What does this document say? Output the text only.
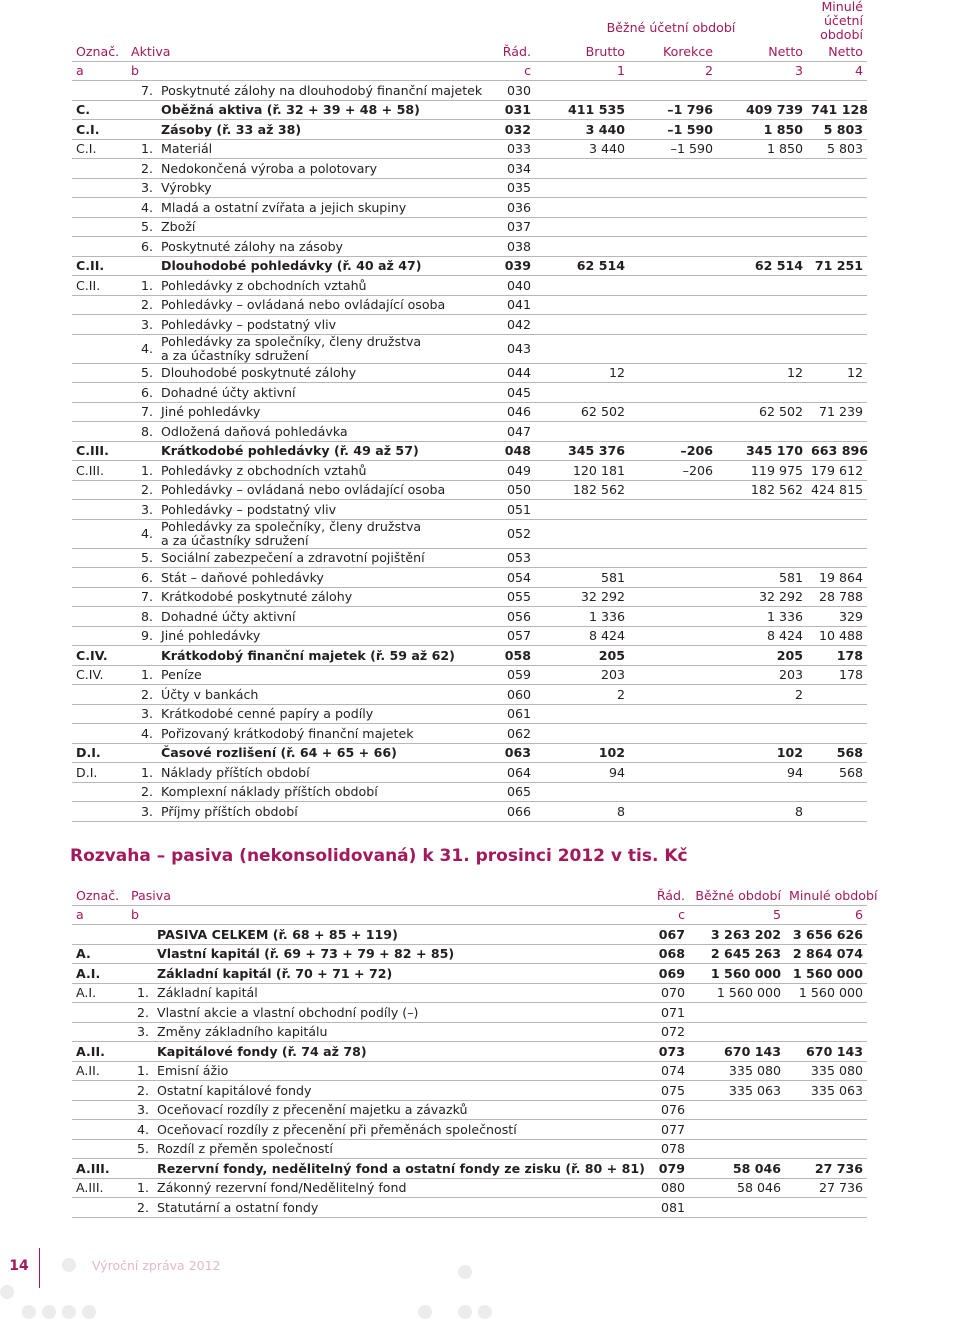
				Běžné účetní období			Minulé účetní období
Označ.	Aktiva		Řád.	Brutto	Korekce	Netto	Netto
a	b		c	1	2	3	4
	7.	Poskytnuté zálohy na dlouhodobý finanční majetek	030				
C.		Oběžná aktiva (ř. 32 + 39 + 48 + 58)	031	411 535	–1 796	409 739	741 128
C.I.		Zásoby (ř. 33 až 38)	032	3 440	–1 590	1 850	5 803
C.I.	1.	Materiál	033	3 440	–1 590	1 850	5 803
	2.	Nedokončená výroba a polotovary	034				
	3.	Výrobky	035				
	4.	Mladá a ostatní zvířata a jejich skupiny	036				
	5.	Zboží	037				
	6.	Poskytnuté zálohy na zásoby	038				
C.II.		Dlouhodobé pohledávky (ř. 40 až 47)	039	62 514		62 514	71 251
C.II.	1.	Pohledávky z obchodních vztahů	040				
	2.	Pohledávky – ovládaná nebo ovládající osoba	041				
	3.	Pohledávky – podstatný vliv	042				
	4.	Pohledávky za společníky, členy družstva
a za účastníky sdružení	043				
	5.	Dlouhodobé poskytnuté zálohy	044	12		12	12
	6.	Dohadné účty aktivní	045				
	7.	Jiné pohledávky	046	62 502		62 502	71 239
	8.	Odložená daňová pohledávka	047				
C.III.		Krátkodobé pohledávky (ř. 49 až 57)	048	345 376	–206	345 170	663 896
C.III.	1.	Pohledávky z obchodních vztahů	049	120 181	–206	119 975	179 612
	2.	Pohledávky – ovládaná nebo ovládající osoba	050	182 562		182 562	424 815
	3.	Pohledávky – podstatný vliv	051				
	4.	Pohledávky za společníky, členy družstva
a za účastníky sdružení	052				
	5.	Sociální zabezpečení a zdravotní pojištění	053				
	6.	Stát – daňové pohledávky	054	581		581	19 864
	7.	Krátkodobé poskytnuté zálohy	055	32 292		32 292	28 788
	8.	Dohadné účty aktivní	056	1 336		1 336	329
	9.	Jiné pohledávky	057	8 424		8 424	10 488
C.IV.		Krátkodobý finanční majetek (ř. 59 až 62)	058	205		205	178
C.IV.	1.	Peníze	059	203		203	178
	2.	Účty v bankách	060	2		2	
	3.	Krátkodobé cenné papíry a podíly	061				
	4.	Pořizovaný krátkodobý finanční majetek	062				
D.I.		Časové rozlišení (ř. 64 + 65 + 66)	063	102		102	568
D.I.	1.	Náklady příštích období	064	94		94	568
	2.	Komplexní náklady příštích období	065				
	3.	Příjmy příštích období	066	8		8	
Rozvaha – pasiva (nekonsolidovaná) k 31. prosinci 2012 v tis. Kč
Označ.	Pasiva		Řád.	Běžné období	Minulé období
a	b		c	5	6
		PASIVA CELKEM (ř. 68 + 85 + 119)	067	3 263 202	3 656 626
A.		Vlastní kapitál (ř. 69 + 73 + 79 + 82 + 85)	068	2 645 263	2 864 074
A.I.		Základní kapitál (ř. 70 + 71 + 72)	069	1 560 000	1 560 000
A.I.	1.	Základní kapitál	070	1 560 000	1 560 000
	2.	Vlastní akcie a vlastní obchodní podíly (–)	071		
	3.	Změny základního kapitálu	072		
A.II.		Kapitálové fondy (ř. 74 až 78)	073	670 143	670 143
A.II.	1.	Emisní ážio	074	335 080	335 080
	2.	Ostatní kapitálové fondy	075	335 063	335 063
	3.	Oceňovací rozdíly z přecenění majetku a závazků	076		
	4.	Oceňovací rozdíly z přecenění při přeměnách společností	077		
	5.	Rozdíl z přeměn společností	078		
A.III.		Rezervní fondy, nedělitelný fond a ostatní fondy ze zisku (ř. 80 + 81)	079	58 046	27 736
A.III.	1.	Zákonný rezervní fond/Nedělitelný fond	080	58 046	27 736
	2.	Statutární a ostatní fondy	081		
14	Výroční zpráva 2012
